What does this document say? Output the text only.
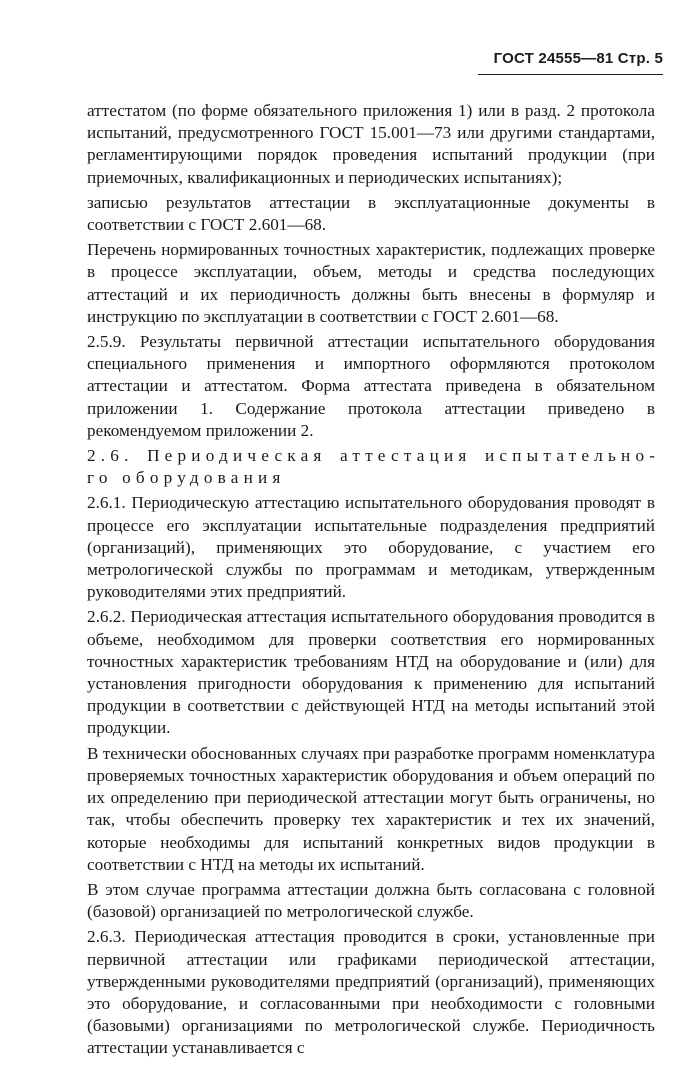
ГОСТ 24555—81 Стр. 5

аттестатом (по форме обязательного приложения 1) или в разд. 2 протокола испытаний, предусмотренного ГОСТ 15.001—73 или другими стандартами, регламентирующими порядок проведения испытаний продукции (при приемочных, квалификационных и периодических испытаниях);

записью результатов аттестации в эксплуатационные документы в соответствии с ГОСТ 2.601—68.

Перечень нормированных точностных характеристик, подлежащих проверке в процессе эксплуатации, объем, методы и средства последующих аттестаций и их периодичность должны быть внесены в формуляр и инструкцию по эксплуатации в соответствии с ГОСТ 2.601—68.

2.5.9. Результаты первичной аттестации испытательного оборудования специального применения и импортного оформляются протоколом аттестации и аттестатом. Форма аттестата приведена в обязательном приложении 1. Содержание протокола аттестации приведено в рекомендуемом приложении 2.

2.6. Периодическая аттестация испытательного оборудования

2.6.1. Периодическую аттестацию испытательного оборудования проводят в процессе его эксплуатации испытательные подразделения предприятий (организаций), применяющих это оборудование, с участием его метрологической службы по программам и методикам, утвержденным руководителями этих предприятий.

2.6.2. Периодическая аттестация испытательного оборудования проводится в объеме, необходимом для проверки соответствия его нормированных точностных характеристик требованиям НТД на оборудование и (или) для установления пригодности оборудования к применению для испытаний продукции в соответствии с действующей НТД на методы испытаний этой продукции.

В технически обоснованных случаях при разработке программ номенклатура проверяемых точностных характеристик оборудования и объем операций по их определению при периодической аттестации могут быть ограничены, но так, чтобы обеспечить проверку тех характеристик и тех их значений, которые необходимы для испытаний конкретных видов продукции в соответствии с НТД на методы их испытаний.

В этом случае программа аттестации должна быть согласована с головной (базовой) организацией по метрологической службе.

2.6.3. Периодическая аттестация проводится в сроки, установленные при первичной аттестации или графиками периодической аттестации, утвержденными руководителями предприятий (организаций), применяющих это оборудование, и согласованными при необходимости с головными (базовыми) организациями по метрологической службе. Периодичность аттестации устанавливается с
